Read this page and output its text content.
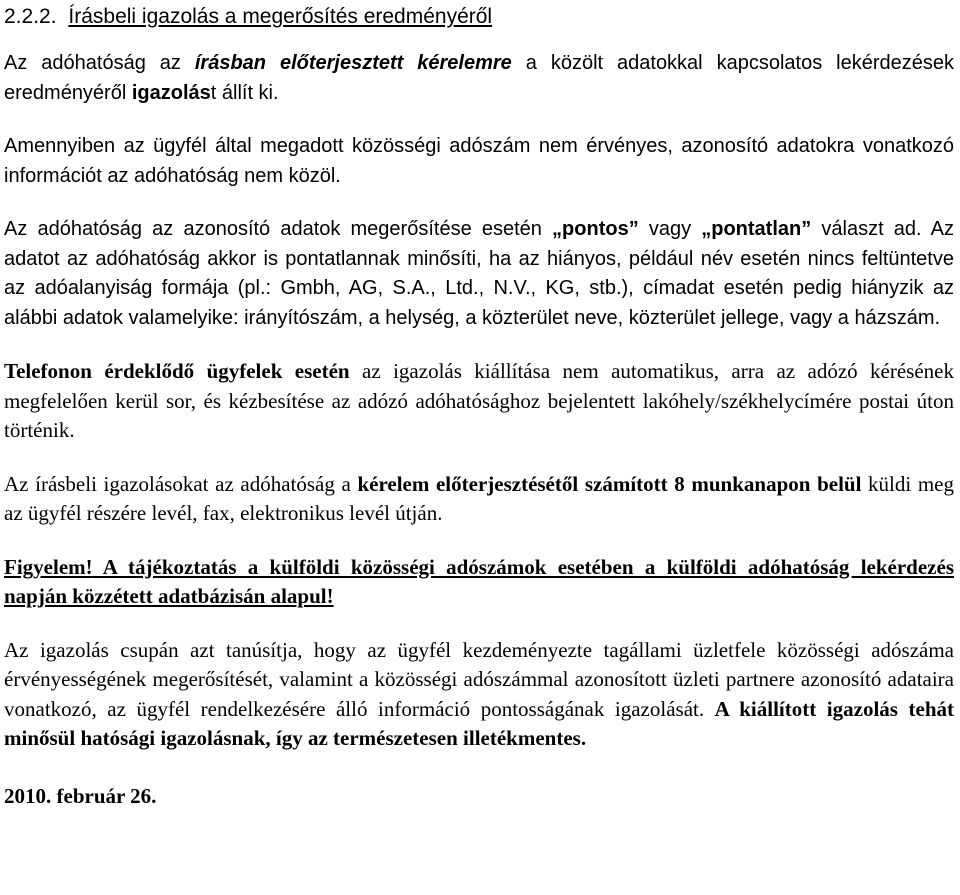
2.2.2. Írásbeli igazolás a megerősítés eredményéről

Az adóhatóság az írásban előterjesztett kérelemre a közölt adatokkal kapcsolatos lekérdezések eredményéről igazolást állít ki.

Amennyiben az ügyfél által megadott közösségi adószám nem érvényes, azonosító adatokra vonatkozó információt az adóhatóság nem közöl.

Az adóhatóság az azonosító adatok megerősítése esetén „pontos” vagy „pontatlan” választ ad. Az adatot az adóhatóság akkor is pontatlannak minősíti, ha az hiányos, például név esetén nincs feltüntetve az adóalanyiság formája (pl.: Gmbh, AG, S.A., Ltd., N.V., KG, stb.), címadat esetén pedig hiányzik az alábbi adatok valamelyike: irányítószám, a helység, a közterület neve, közterület jellege, vagy a házszám.

Telefonon érdeklődő ügyfelek esetén az igazolás kiállítása nem automatikus, arra az adózó kérésének megfelelően kerül sor, és kézbesítése az adózó adóhatósághoz bejelentett lakóhely/székhelycímére postai úton történik.

Az írásbeli igazolásokat az adóhatóság a kérelem előterjesztésétől számított 8 munkanapon belül küldi meg az ügyfél részére levél, fax, elektronikus levél útján.

Figyelem! A tájékoztatás a külföldi közösségi adószámok esetében a külföldi adóhatóság lekérdezés napján közzétett adatbázisán alapul!

Az igazolás csupán azt tanúsítja, hogy az ügyfél kezdeményezte tagállami üzletfele közösségi adószáma érvényességének megerősítését, valamint a közösségi adószámmal azonosított üzleti partnere azonosító adataira vonatkozó, az ügyfél rendelkezésére álló információ pontosságának igazolását. A kiállított igazolás tehát minősül hatósági igazolásnak, így az természetesen illetékmentes.

2010. február 26.
